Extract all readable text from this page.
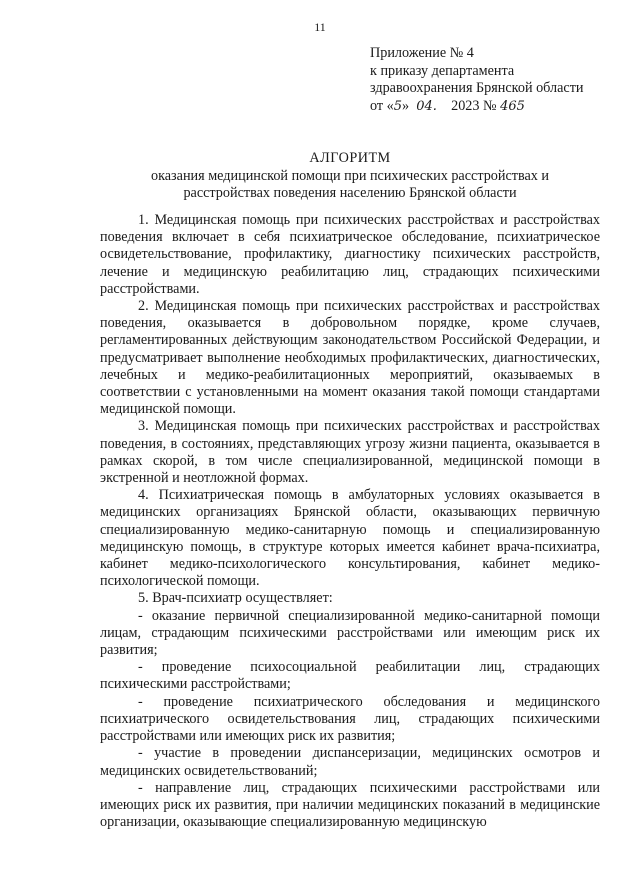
11
Приложение № 4
к приказу департамента
здравоохранения Брянской области
от «5» 04. 2023 № 465
АЛГОРИТМ
оказания медицинской помощи при психических расстройствах и
расстройствах поведения населению Брянской области

1. Медицинская помощь при психических расстройствах и расстройствах поведения включает в себя психиатрическое обследование, психиатрическое освидетельствование, профилактику, диагностику психических расстройств, лечение и медицинскую реабилитацию лиц, страдающих психическими расстройствами.

2. Медицинская помощь при психических расстройствах и расстройствах поведения, оказывается в добровольном порядке, кроме случаев, регламентированных действующим законодательством Российской Федерации, и предусматривает выполнение необходимых профилактических, диагностических, лечебных и медико-реабилитационных мероприятий, оказываемых в соответствии с установленными на момент оказания такой помощи стандартами медицинской помощи.

3. Медицинская помощь при психических расстройствах и расстройствах поведения, в состояниях, представляющих угрозу жизни пациента, оказывается в рамках скорой, в том числе специализированной, медицинской помощи в экстренной и неотложной формах.

4. Психиатрическая помощь в амбулаторных условиях оказывается в медицинских организациях Брянской области, оказывающих первичную специализированную медико-санитарную помощь и специализированную медицинскую помощь, в структуре которых имеется кабинет врача-психиатра, кабинет медико-психологического консультирования, кабинет медико-психологической помощи.

5. Врач-психиатр осуществляет:

- оказание первичной специализированной медико-санитарной помощи лицам, страдающим психическими расстройствами или имеющим риск их развития;

- проведение психосоциальной реабилитации лиц, страдающих психическими расстройствами;

- проведение психиатрического обследования и медицинского психиатрического освидетельствования лиц, страдающих психическими расстройствами или имеющих риск их развития;

- участие в проведении диспансеризации, медицинских осмотров и медицинских освидетельствований;

- направление лиц, страдающих психическими расстройствами или имеющих риск их развития, при наличии медицинских показаний в медицинские организации, оказывающие специализированную медицинскую
